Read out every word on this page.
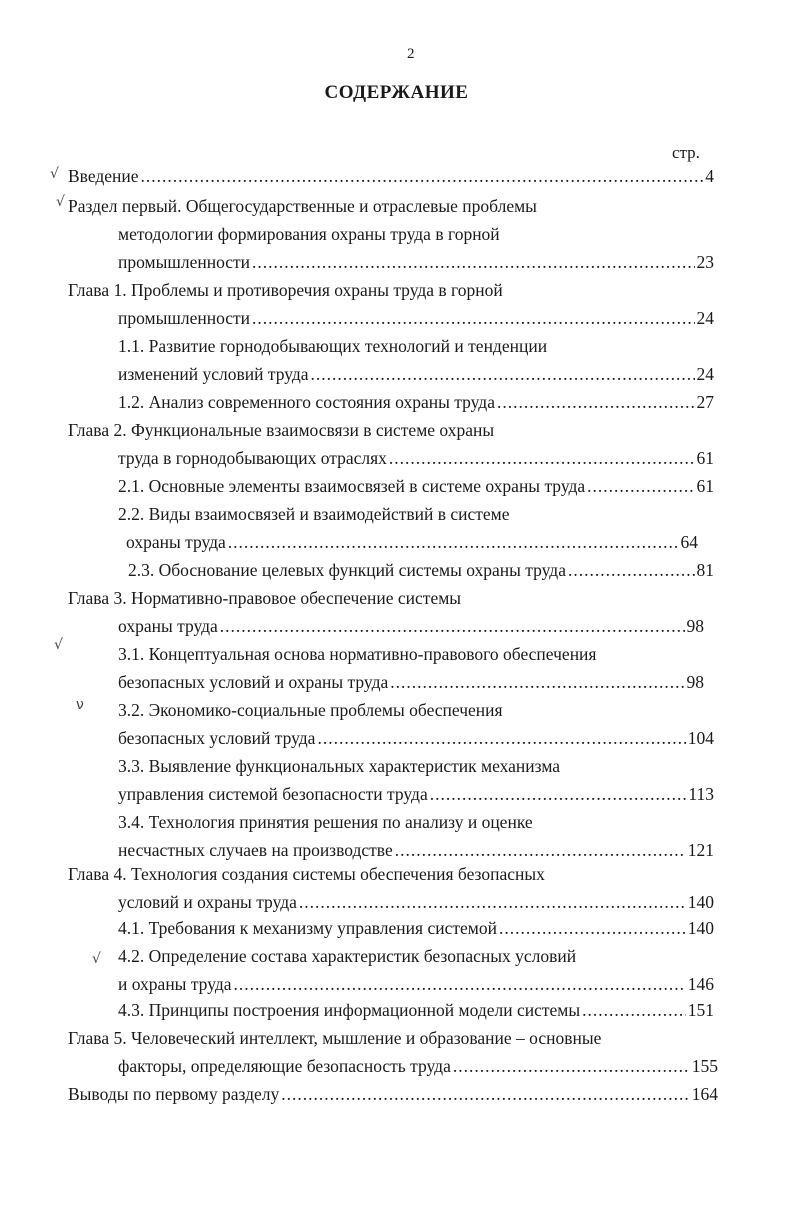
2
СОДЕРЖАНИЕ
стр.
√
√
√
ν
√
Введение .....	4
Раздел первый. Общегосударственные и отраслевые проблемы
методологии формирования охраны труда в горной
промышленности .....	23
Глава 1. Проблемы и противоречия охраны труда в горной
промышленности .....	24
1.1. Развитие горнодобывающих технологий и тенденции
изменений условий труда .....	24
1.2. Анализ современного состояния охраны труда .....	27
Глава 2. Функциональные взаимосвязи в системе охраны
труда в горнодобывающих отраслях .....	61
2.1. Основные элементы взаимосвязей в системе охраны труда .....	61
2.2. Виды взаимосвязей и взаимодействий в системе
охраны труда .....	64
2.3. Обоснование целевых функций системы охраны труда .....	81
Глава 3. Нормативно-правовое обеспечение системы
охраны труда .....	98
3.1. Концептуальная основа нормативно-правового обеспечения
безопасных условий и охраны труда .....	98
3.2. Экономико-социальные проблемы обеспечения
безопасных условий труда .....	104
3.3. Выявление функциональных характеристик механизма
управления системой безопасности труда .....	113
3.4. Технология принятия решения по анализу и оценке
несчастных случаев на производстве .....	121
Глава 4. Технология создания системы обеспечения безопасных
условий и охраны труда .....	140
4.1. Требования к механизму управления системой .....	140
4.2. Определение состава характеристик безопасных условий
и охраны труда .....	146
4.3. Принципы построения информационной модели системы .....	151
Глава 5. Человеческий интеллект, мышление и образование – основные
факторы, определяющие безопасность труда .....	155
Выводы по первому разделу .....	164
